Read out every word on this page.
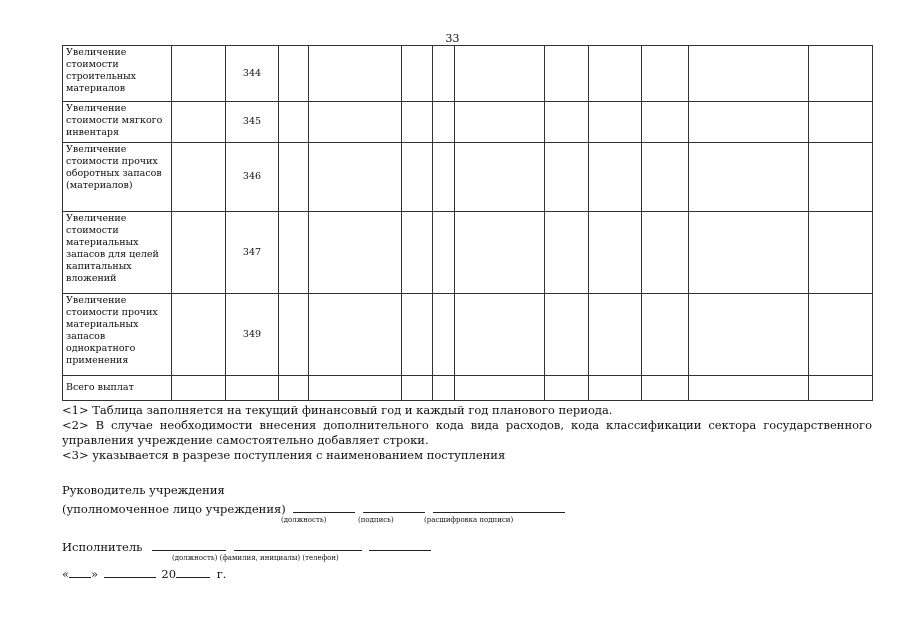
33
Увеличение стоимости строительных материалов		344										
Увеличение стоимости мягкого инвентаря		345										
Увеличение стоимости прочих оборотных запасов (материалов)		346										
Увеличение стоимости материальных запасов для целей капитальных вложений		347										
Увеличение стоимости прочих материальных запасов однократного применения		349										
Всего выплат												

<1> Таблица заполняется на текущий финансовый год и каждый год планового периода.

<2> В случае необходимости внесения дополнительного кода вида расходов, кода классификации сектора государственного управления учреждение самостоятельно добавляет строки.

<3> указывается в разрезе поступления с наименованием поступления

Руководитель учреждения
(уполномоченное лицо учреждения)
(должность)	(подпись)	(расшифровка подписи)
Исполнитель
(должность) (фамилия, инициалы) (телефон)
« »	20	г.
